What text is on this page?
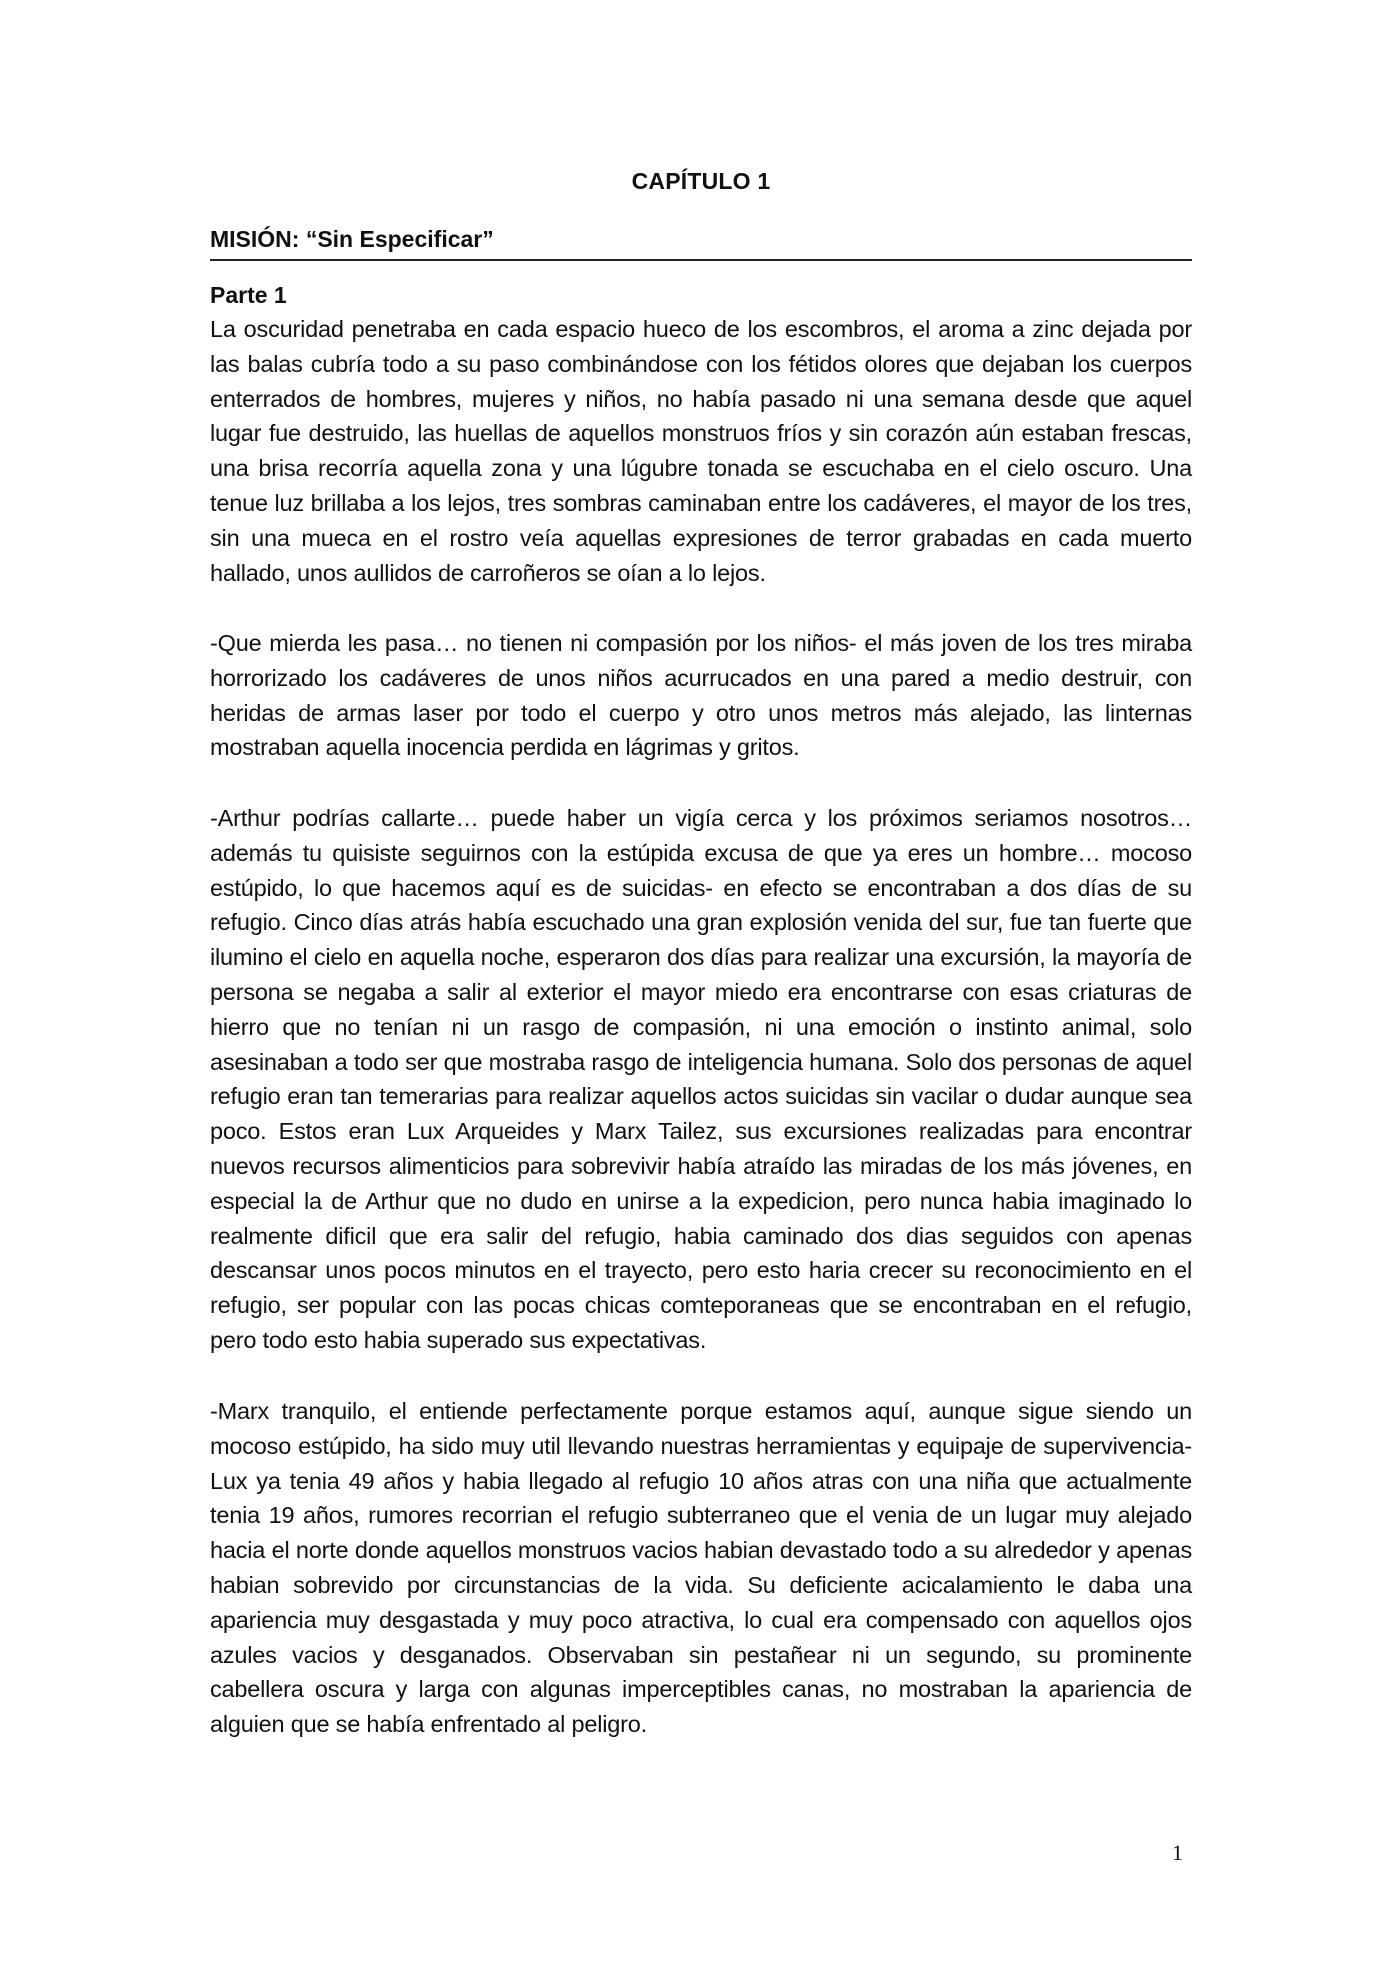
CAPÍTULO 1
MISIÓN: “Sin Especificar”
Parte 1

La oscuridad penetraba en cada espacio hueco de los escombros, el aroma a zinc dejada por las balas cubría todo a su paso combinándose con los fétidos olores que dejaban los cuerpos enterrados de hombres, mujeres y niños, no había pasado ni una semana desde que aquel lugar fue destruido, las huellas de aquellos monstruos fríos y sin corazón aún estaban frescas, una brisa recorría aquella zona y una lúgubre tonada se escuchaba en el cielo oscuro. Una tenue luz brillaba a los lejos, tres sombras caminaban entre los cadáveres, el mayor de los tres, sin una mueca en el rostro veía aquellas expresiones de terror grabadas en cada muerto hallado, unos aullidos de carroñeros se oían a lo lejos.

-Que mierda les pasa… no tienen ni compasión por los niños- el más joven de los tres miraba horrorizado los cadáveres de unos niños acurrucados en una pared a medio destruir, con heridas de armas laser por todo el cuerpo y otro unos metros más alejado, las linternas mostraban aquella inocencia perdida en lágrimas y gritos.

-Arthur podrías callarte… puede haber un vigía cerca y los próximos seriamos nosotros… además tu quisiste seguirnos con la estúpida excusa de que ya eres un hombre… mocoso estúpido, lo que hacemos aquí es de suicidas- en efecto se encontraban a dos días de su refugio. Cinco días atrás había escuchado una gran explosión venida del sur, fue tan fuerte que ilumino el cielo en aquella noche, esperaron dos días para realizar una excursión, la mayoría de persona se negaba a salir al exterior el mayor miedo era encontrarse con esas criaturas de hierro que no tenían ni un rasgo de compasión, ni una emoción o instinto animal, solo asesinaban a todo ser que mostraba rasgo de inteligencia humana. Solo dos personas de aquel refugio eran tan temerarias para realizar aquellos actos suicidas sin vacilar o dudar aunque sea poco. Estos eran Lux Arqueides y Marx Tailez, sus excursiones realizadas para encontrar nuevos recursos alimenticios para sobrevivir había atraído las miradas de los más jóvenes, en especial la de Arthur que no dudo en unirse a la expedicion, pero nunca habia imaginado lo realmente dificil que era salir del refugio, habia caminado dos dias seguidos con apenas descansar unos pocos minutos en el trayecto, pero esto haria crecer su reconocimiento en el refugio, ser popular con las pocas chicas comteporaneas que se encontraban en el refugio, pero todo esto habia superado sus expectativas.

-Marx tranquilo, el entiende perfectamente porque estamos aquí, aunque sigue siendo un mocoso estúpido, ha sido muy util llevando nuestras herramientas y equipaje de supervivencia- Lux ya tenia 49 años y habia llegado al refugio 10 años atras con una niña que actualmente tenia 19 años, rumores recorrian el refugio subterraneo que el venia de un lugar muy alejado hacia el norte donde aquellos monstruos vacios habian devastado todo a su alrededor y apenas habian sobrevido por circunstancias de la vida. Su deficiente acicalamiento le daba una apariencia muy desgastada y muy poco atractiva, lo cual era compensado con aquellos ojos azules vacios y desganados. Observaban sin pestañear ni un segundo, su prominente cabellera oscura y larga con algunas imperceptibles canas, no mostraban la apariencia de alguien que se había enfrentado al peligro.

1
